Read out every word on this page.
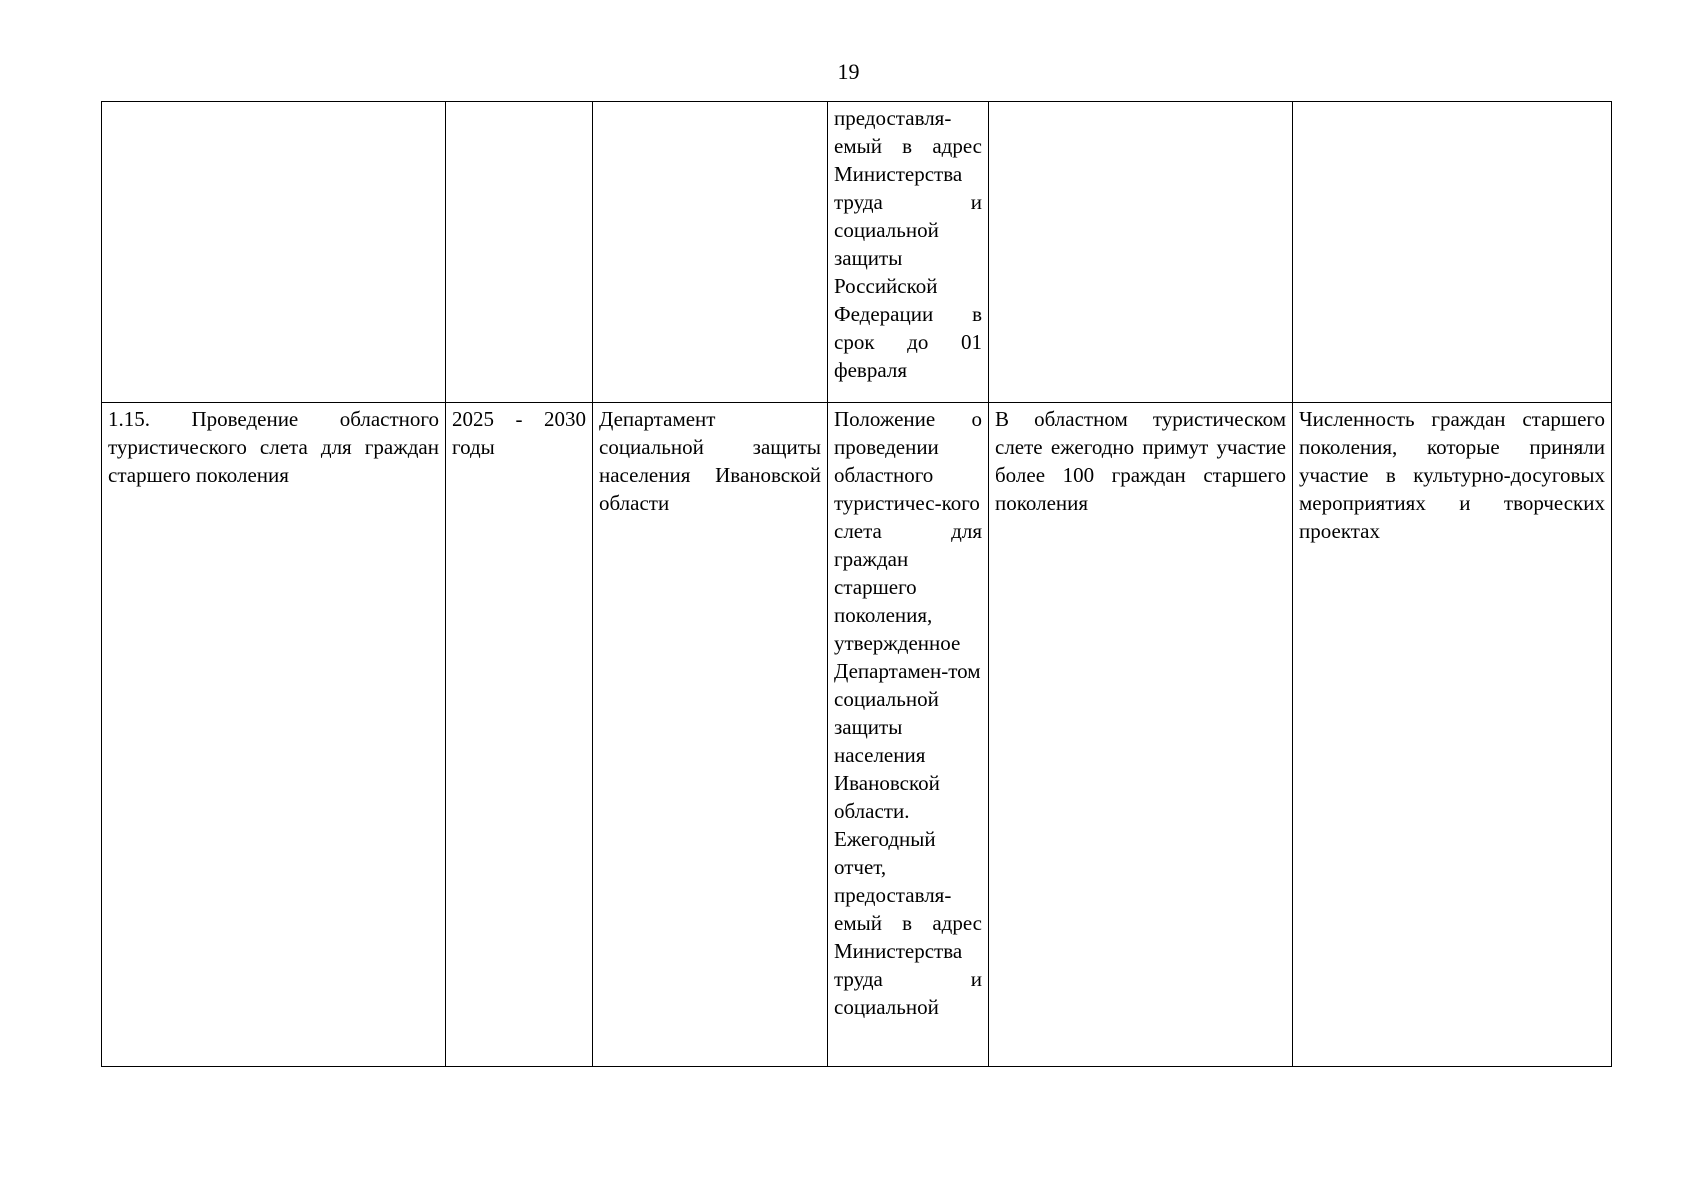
19

			предоставля-емый в адрес Министерства труда и социальной защиты Российской Федерации в срок до 01 февраля		

1.15. Проведение областного туристического слета для граждан старшего поколения	2025 - 2030 годы	Департамент социальной защиты населения Ивановской области	Положение о проведении областного туристичес-кого слета для граждан старшего поколения, утвержденное Департамен-том социальной защиты населения Ивановской области. Ежегодный отчет, предоставля-емый в адрес Министерства труда и социальной	В областном туристическом слете ежегодно примут участие более 100 граждан старшего поколения	Численность граждан старшего поколения, которые приняли участие в культурно-досуговых мероприятиях и творческих проектах
